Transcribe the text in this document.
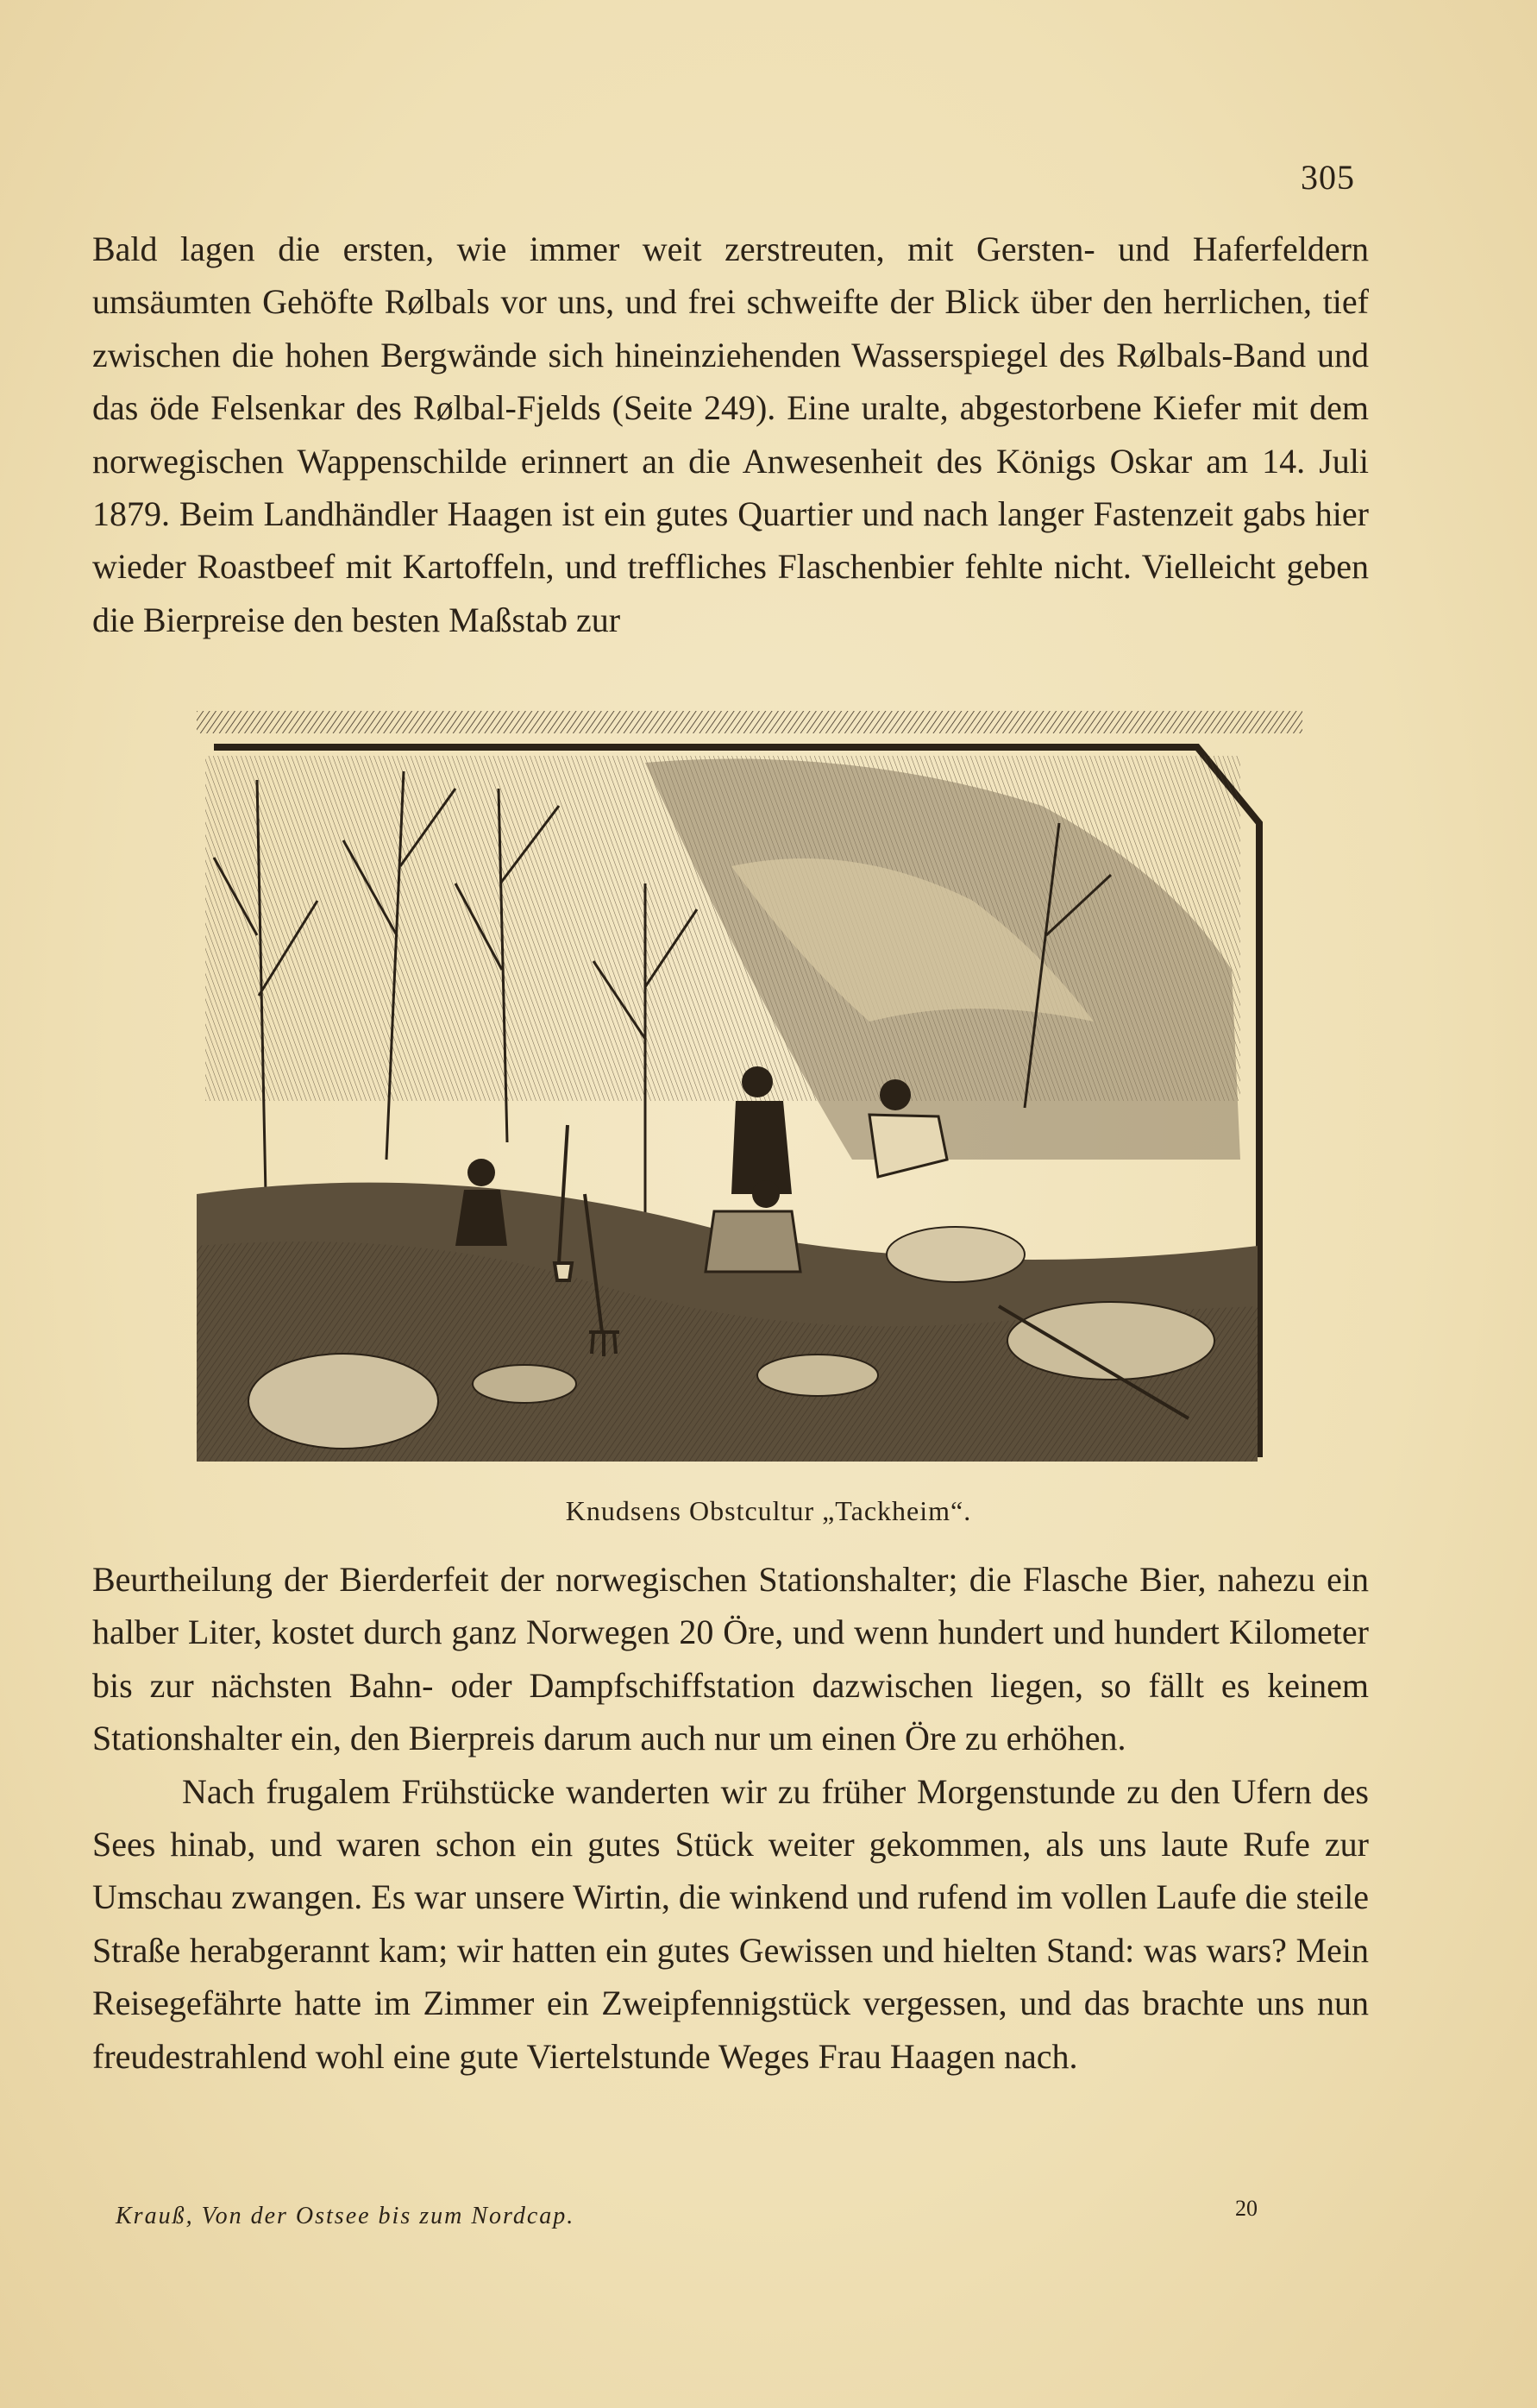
305

Bald lagen die ersten, wie immer weit zerstreuten, mit Gersten- und Haferfeldern umsäumten Gehöfte Rølbals vor uns, und frei schweifte der Blick über den herrlichen, tief zwischen die hohen Bergwände sich hineinziehenden Wasserspiegel des Rølbals-Band und das öde Felsenkar des Rølbal-Fjelds (Seite 249). Eine uralte, abgestorbene Kiefer mit dem norwegischen Wappenschilde erinnert an die Anwesenheit des Königs Oskar am 14. Juli 1879. Beim Landhändler Haagen ist ein gutes Quartier und nach langer Fastenzeit gabs hier wieder Roastbeef mit Kartoffeln, und treffliches Flaschenbier fehlte nicht. Vielleicht geben die Bierpreise den besten Maßstab zur

Knudsens Obstcultur „Tackheim“.

Beurtheilung der Bierderfeit der norwegischen Stationshalter; die Flasche Bier, nahezu ein halber Liter, kostet durch ganz Norwegen 20 Öre, und wenn hundert und hundert Kilometer bis zur nächsten Bahn- oder Dampfschiffstation dazwischen liegen, so fällt es keinem Stationshalter ein, den Bierpreis darum auch nur um einen Öre zu erhöhen.

Nach frugalem Frühstücke wanderten wir zu früher Morgenstunde zu den Ufern des Sees hinab, und waren schon ein gutes Stück weiter gekommen, als uns laute Rufe zur Umschau zwangen. Es war unsere Wirtin, die winkend und rufend im vollen Laufe die steile Straße herabgerannt kam; wir hatten ein gutes Gewissen und hielten Stand: was wars? Mein Reisegefährte hatte im Zimmer ein Zweipfennigstück vergessen, und das brachte uns nun freudestrahlend wohl eine gute Viertelstunde Weges Frau Haagen nach.

Krauß, Von der Ostsee bis zum Nordcap.	20
